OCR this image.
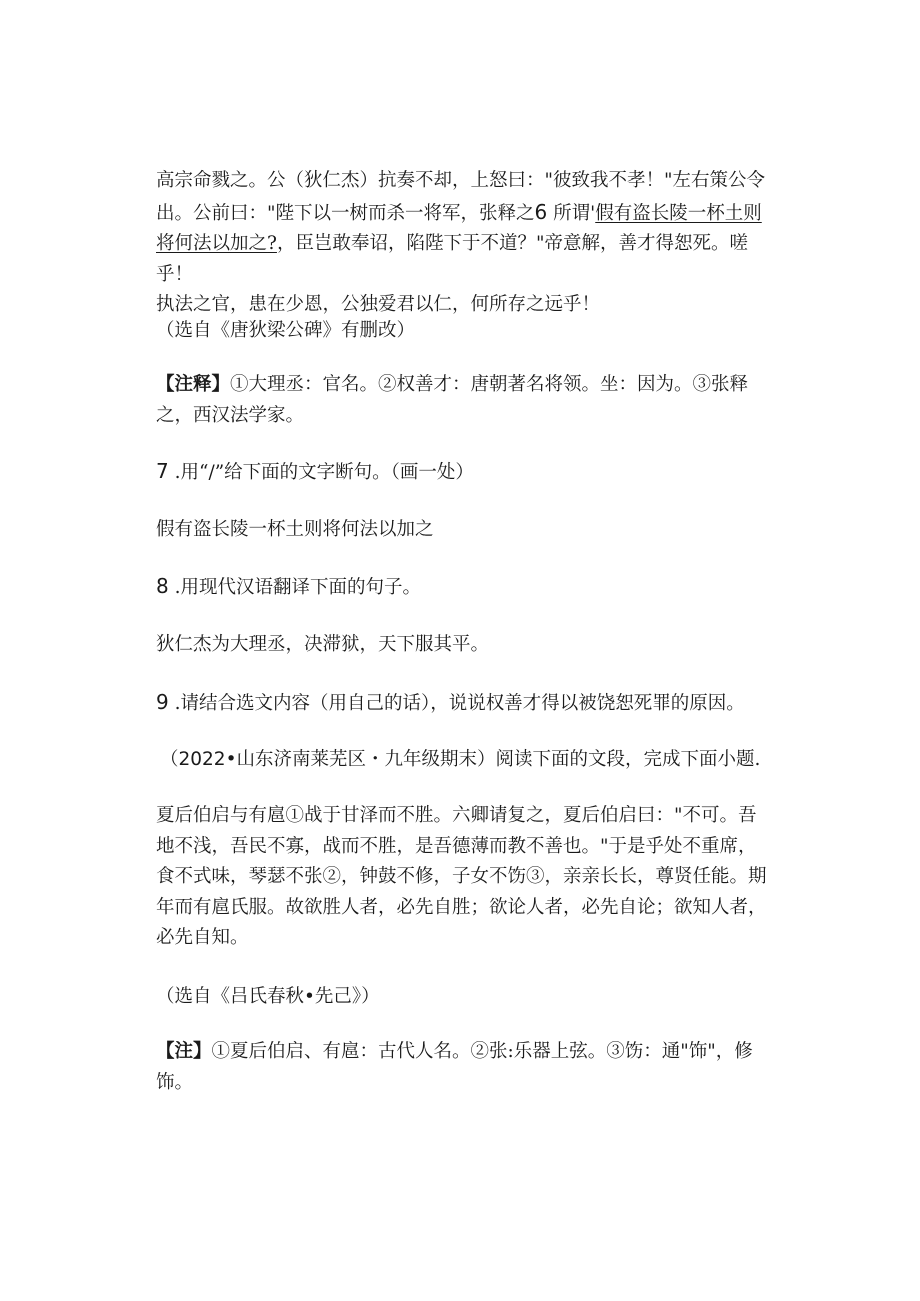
高宗命戮之。公（狄仁杰）抗奏不却，上怒曰："彼致我不孝！"左右策公令

出。公前曰："陛下以一树而杀一将军，张释之6 所谓'假有盗长陵一杯土则

将何法以加之?，臣岂敢奉诏，陷陛下于不道？"帝意解，善才得恕死。嗟乎！

执法之官，患在少恩，公独爱君以仁，何所存之远乎！

（选自《唐狄梁公碑》有删改）

【注释】①大理丞：官名。②权善才：唐朝著名将领。坐：因为。③张释

之，西汉法学家。

7 .用“/”给下面的文字断句。（画一处）
假有盗长陵一杯土则将何法以加之
8 .用现代汉语翻译下面的句子。
狄仁杰为大理丞，决滞狱，天下服其平。
9 .请结合选文内容（用自己的话），说说权善才得以被饶恕死罪的原因。
（2022•山东济南莱芜区・九年级期末）阅读下面的文段，完成下面小题.

夏后伯启与有扈①战于甘泽而不胜。六卿请复之，夏后伯启曰："不可。吾

地不浅，吾民不寡，战而不胜，是吾德薄而教不善也。"于是乎处不重席，

食不式味，琴瑟不张②，钟鼓不修，子女不饬③，亲亲长长，尊贤任能。期

年而有扈氏服。故欲胜人者，必先自胜；欲论人者，必先自论；欲知人者，

必先自知。

（选自《吕氏春秋•先己》）

【注】①夏后伯启、有扈：古代人名。②张:乐器上弦。③饬：通"饰"，修

饰。
